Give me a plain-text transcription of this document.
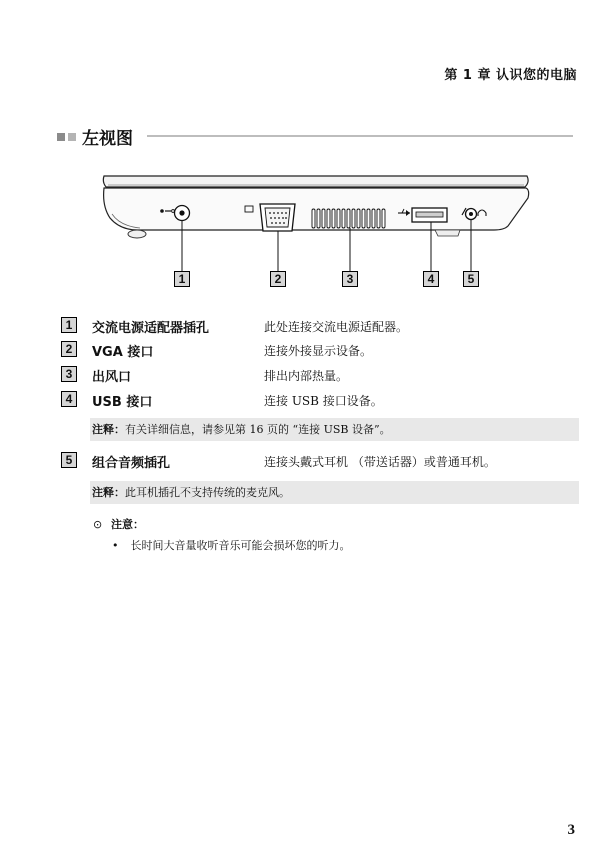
第 1 章 认识您的电脑
左视图
1	2	3	4	5
1	交流电源适配器插孔	此处连接交流电源适配器。
2	VGA 接口	连接外接显示设备。
3	出风口	排出内部热量。
4	USB 接口	连接 USB 接口设备。
注释：有关详细信息，请参见第 16 页的 “连接 USB 设备”。
5	组合音频插孔	连接头戴式耳机 （带送话器）或普通耳机。
注释：此耳机插孔不支持传统的麦克风。
⊙ 注意：
• 长时间大音量收听音乐可能会损坏您的听力。
3
